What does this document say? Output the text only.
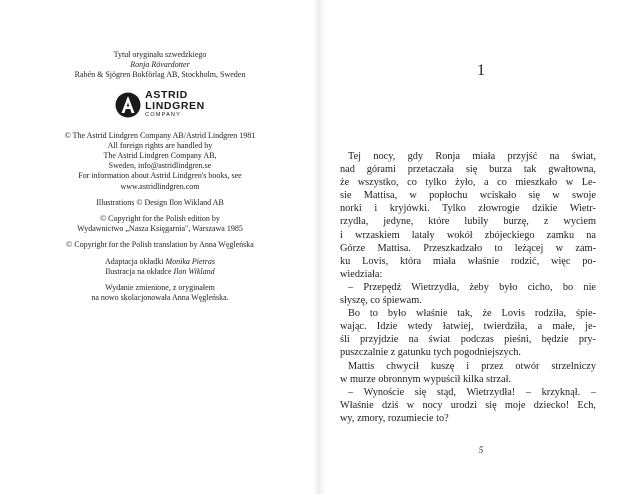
Tytuł oryginału szwedzkiego
Ronja Rövardotter
Rabén & Sjögren Bokförlag AB, Stockholm, Sweden
ASTRID
LINDGREN
COMPANY
© The Astrid Lindgren Company AB/Astrid Lindgren 1981
All foreign rights are handled by
The Astrid Lindgren Company AB,
Sweden, info@astridlindgren.se
For information about Astrid Lindgren's books, see
www.astridlindgren.com
Illustrations © Design Ilon Wikland AB
© Copyright for the Polish edition by
Wydawnictwo „Nasza Księgarnia", Warszawa 1985
© Copyright for the Polish translation by Anna Węgleńska
Adaptacja okładki Monika Pietras
Ilustracja na okładce Ilon Wikland
Wydanie zmienione, z oryginałem
na nowo skolacjonowała Anna Węgleńska.
1
Tej nocy, gdy Ronja miała przyjść na świat,
nad górami przetaczała się burza tak gwałtowna,
że wszystko, co tylko żyło, a co mieszkało w Le-
sie Mattisa, w popłochu wciskało się w swoje
norki i kryjówki. Tylko złowrogie dzikie Wietr-
rzydła, jedyne, które lubiły burzę, z wyciem
i wrzaskiem latały wokół zbójeckiego zamku na
Górze Mattisa. Przeszkadzało to leżącej w zam-
ku Lovis, która miała właśnie rodzić, więc po-
wiedziała:
– Przepędź Wietrzydła, żeby było cicho, bo nie
słyszę, co śpiewam.
Bo to było właśnie tak, że Lovis rodziła, śpie-
wając. Idzie wtedy łatwiej, twierdziła, a małe, je-
śli przyjdzie na świat podczas pieśni, będzie pry-
puszczalnie z gatunku tych pogodniejszych.
Mattis chwycił kuszę i przez otwór strzelniczy
w murze obronnym wypuścił kilka strzał.
– Wynoście się stąd, Wietrzydła! – krzyknął. –
Właśnie dziś w nocy urodzi się moje dziecko! Ech,
wy, zmory, rozumiecie to?
5
